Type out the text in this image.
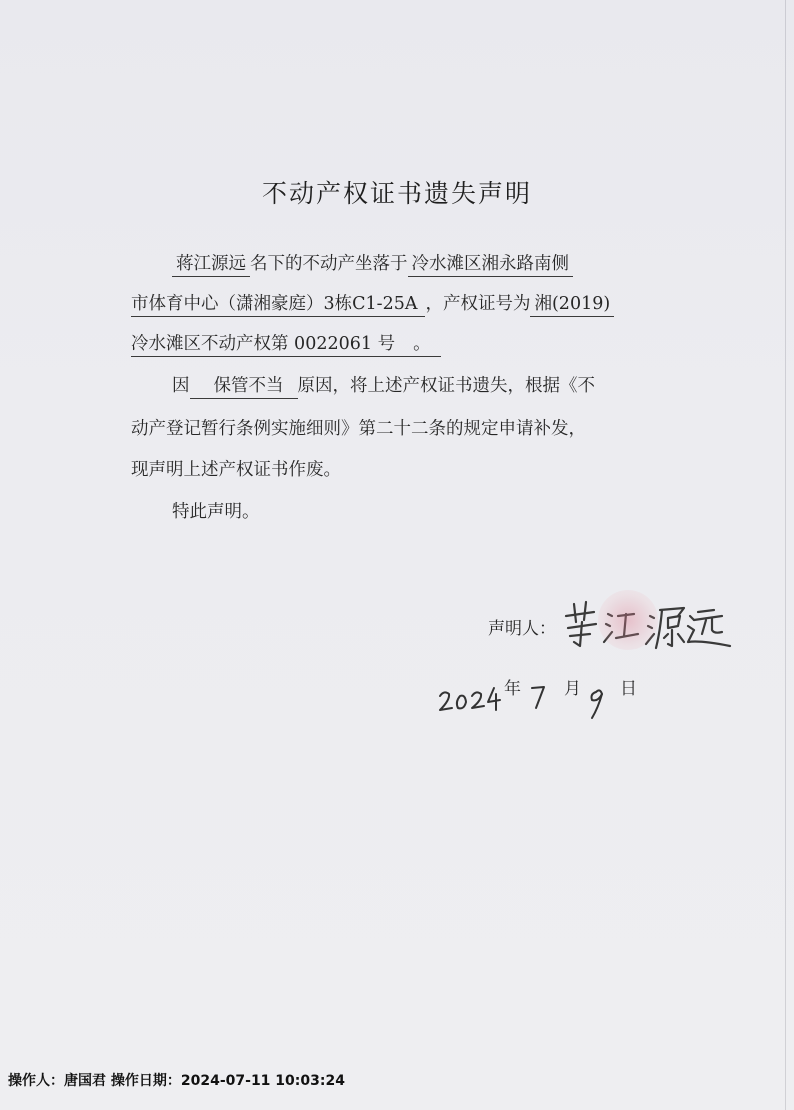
不动产权证书遗失声明
蒋江源远 名下的不动产坐落于 冷水滩区湘永路南侧
市体育中心（潇湘豪庭）3栋C1-25A ，产权证号为 湘(2019)
冷水滩区不动产权第 0022061 号 。
因 保管不当 原因，将上述产权证书遗失，根据《不
动产登记暂行条例实施细则》第二十二条的规定申请补发，
现声明上述产权证书作废。
特此声明。
声明人：
年	月 日
操作人：唐国君 操作日期：2024-07-11 10:03:24
